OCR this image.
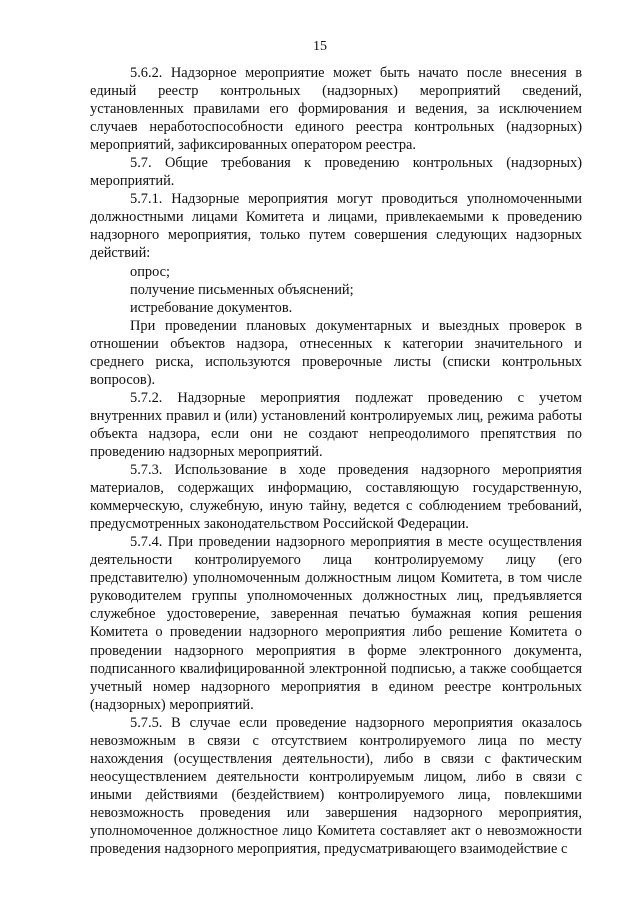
15

5.6.2. Надзорное мероприятие может быть начато после внесения в единый реестр контрольных (надзорных) мероприятий сведений, установленных правилами его формирования и ведения, за исключением случаев неработоспособности единого реестра контрольных (надзорных) мероприятий, зафиксированных оператором реестра.

5.7. Общие требования к проведению контрольных (надзорных) мероприятий.

5.7.1. Надзорные мероприятия могут проводиться уполномоченными должностными лицами Комитета и лицами, привлекаемыми к проведению надзорного мероприятия, только путем совершения следующих надзорных действий:

опрос;

получение письменных объяснений;

истребование документов.

При проведении плановых документарных и выездных проверок в отношении объектов надзора, отнесенных к категории значительного и среднего риска, используются проверочные листы (списки контрольных вопросов).

5.7.2. Надзорные мероприятия подлежат проведению с учетом внутренних правил и (или) установлений контролируемых лиц, режима работы объекта надзора, если они не создают непреодолимого препятствия по проведению надзорных мероприятий.

5.7.3. Использование в ходе проведения надзорного мероприятия материалов, содержащих информацию, составляющую государственную, коммерческую, служебную, иную тайну, ведется с соблюдением требований, предусмотренных законодательством Российской Федерации.

5.7.4. При проведении надзорного мероприятия в месте осуществления деятельности контролируемого лица контролируемому лицу (его представителю) уполномоченным должностным лицом Комитета, в том числе руководителем группы уполномоченных должностных лиц, предъявляется служебное удостоверение, заверенная печатью бумажная копия решения Комитета о проведении надзорного мероприятия либо решение Комитета о проведении надзорного мероприятия в форме электронного документа, подписанного квалифицированной электронной подписью, а также сообщается учетный номер надзорного мероприятия в едином реестре контрольных (надзорных) мероприятий.

5.7.5. В случае если проведение надзорного мероприятия оказалось невозможным в связи с отсутствием контролируемого лица по месту нахождения (осуществления деятельности), либо в связи с фактическим неосуществлением деятельности контролируемым лицом, либо в связи с иными действиями (бездействием) контролируемого лица, повлекшими невозможность проведения или завершения надзорного мероприятия, уполномоченное должностное лицо Комитета составляет акт о невозможности проведения надзорного мероприятия, предусматривающего взаимодействие с
